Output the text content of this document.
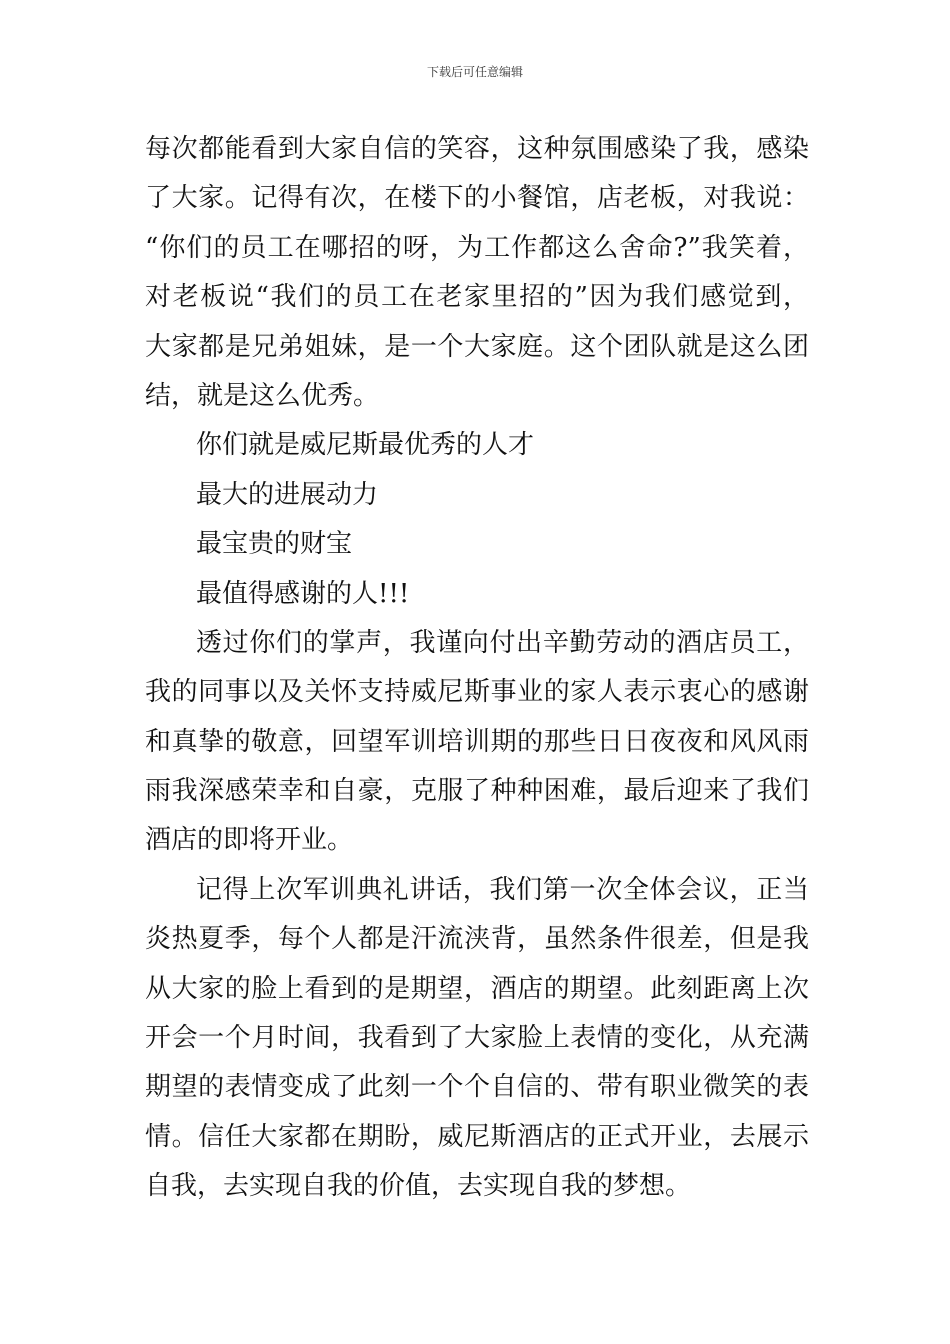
下载后可任意编辑
每次都能看到大家自信的笑容，这种氛围感染了我，感染
了大家。记得有次，在楼下的小餐馆，店老板，对我说：
“你们的员工在哪招的呀，为工作都这么舍命?”我笑着，
对老板说“我们的员工在老家里招的”因为我们感觉到，
大家都是兄弟姐妹，是一个大家庭。这个团队就是这么团
结，就是这么优秀。
你们就是威尼斯最优秀的人才
最大的进展动力
最宝贵的财宝
最值得感谢的人!!!
透过你们的掌声，我谨向付出辛勤劳动的酒店员工，
我的同事以及关怀支持威尼斯事业的家人表示衷心的感谢
和真挚的敬意，回望军训培训期的那些日日夜夜和风风雨
雨我深感荣幸和自豪，克服了种种困难，最后迎来了我们
酒店的即将开业。
记得上次军训典礼讲话，我们第一次全体会议，正当
炎热夏季，每个人都是汗流浃背，虽然条件很差，但是我
从大家的脸上看到的是期望，酒店的期望。此刻距离上次
开会一个月时间，我看到了大家脸上表情的变化，从充满
期望的表情变成了此刻一个个自信的、带有职业微笑的表
情。信任大家都在期盼，威尼斯酒店的正式开业，去展示
自我，去实现自我的价值，去实现自我的梦想。
